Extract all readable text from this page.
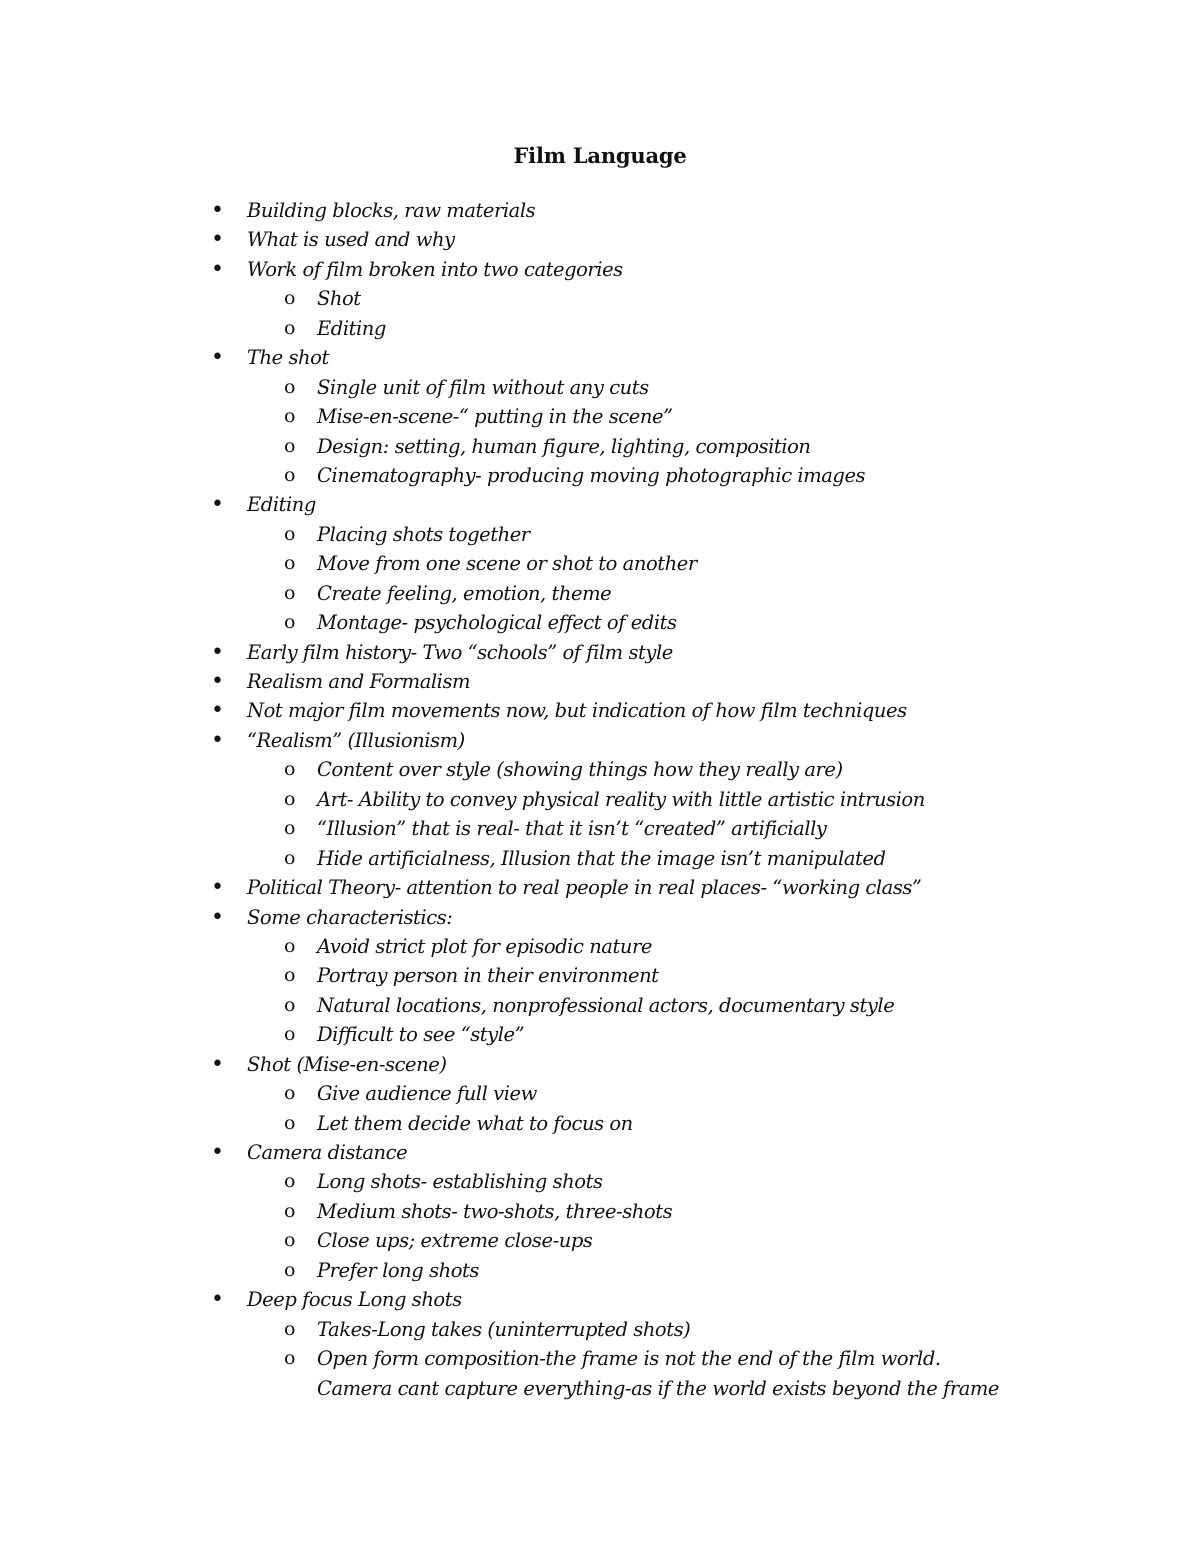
Film Language
• Building blocks, raw materials
• What is used and why
• Work of film broken into two categories
o Shot
o Editing
• The shot
o Single unit of film without any cuts
o Mise-en-scene-“ putting in the scene”
o Design: setting, human figure, lighting, composition
o Cinematography- producing moving photographic images
• Editing
o Placing shots together
o Move from one scene or shot to another
o Create feeling, emotion, theme
o Montage- psychological effect of edits
• Early film history- Two “schools” of film style
• Realism and Formalism
• Not major film movements now, but indication of how film techniques
• “Realism” (Illusionism)
o Content over style (showing things how they really are)
o Art- Ability to convey physical reality with little artistic intrusion
o “Illusion” that is real- that it isn’t “created” artificially
o Hide artificialness, Illusion that the image isn’t manipulated
• Political Theory- attention to real people in real places- “working class”
• Some characteristics:
o Avoid strict plot for episodic nature
o Portray person in their environment
o Natural locations, nonprofessional actors, documentary style
o Difficult to see “style”
• Shot (Mise-en-scene)
o Give audience full view
o Let them decide what to focus on
• Camera distance
o Long shots- establishing shots
o Medium shots- two-shots, three-shots
o Close ups; extreme close-ups
o Prefer long shots
• Deep focus Long shots
o Takes-Long takes (uninterrupted shots)
o Open form composition-the frame is not the end of the film world.
Camera cant capture everything-as if the world exists beyond the frame
